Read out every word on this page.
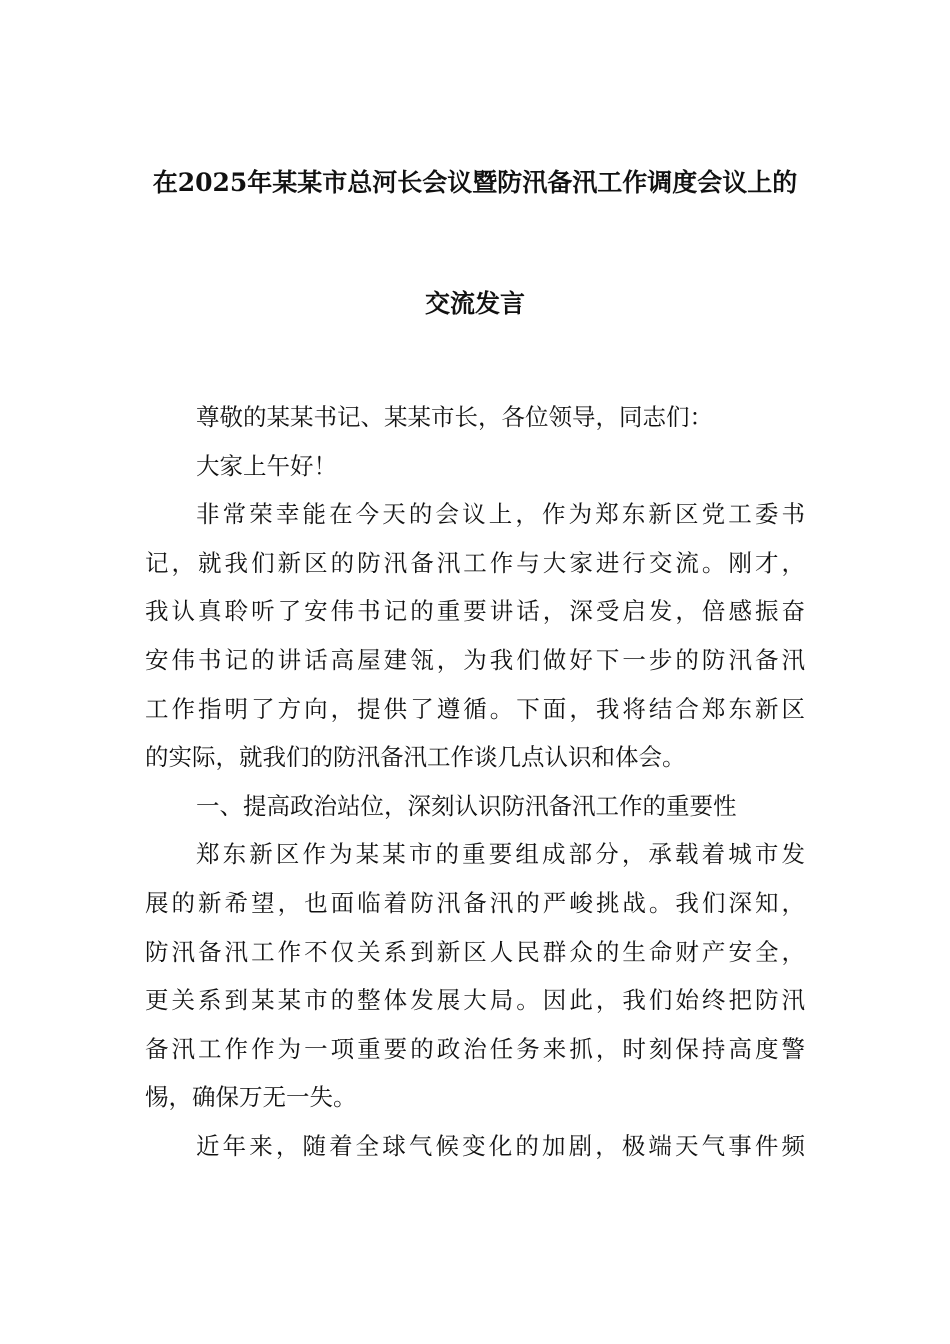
在2025年某某市总河长会议暨防汛备汛工作调度会议上的
交流发言
尊敬的某某书记、某某市长，各位领导，同志们：
大家上午好！
非常荣幸能在今天的会议上，作为郑东新区党工委书
记，就我们新区的防汛备汛工作与大家进行交流。刚才，
我认真聆听了安伟书记的重要讲话，深受启发，倍感振奋
安伟书记的讲话高屋建瓴，为我们做好下一步的防汛备汛
工作指明了方向，提供了遵循。下面，我将结合郑东新区
的实际，就我们的防汛备汛工作谈几点认识和体会。
一、提高政治站位，深刻认识防汛备汛工作的重要性
郑东新区作为某某市的重要组成部分，承载着城市发
展的新希望，也面临着防汛备汛的严峻挑战。我们深知，
防汛备汛工作不仅关系到新区人民群众的生命财产安全，
更关系到某某市的整体发展大局。因此，我们始终把防汛
备汛工作作为一项重要的政治任务来抓，时刻保持高度警
惕，确保万无一失。
近年来，随着全球气候变化的加剧，极端天气事件频
